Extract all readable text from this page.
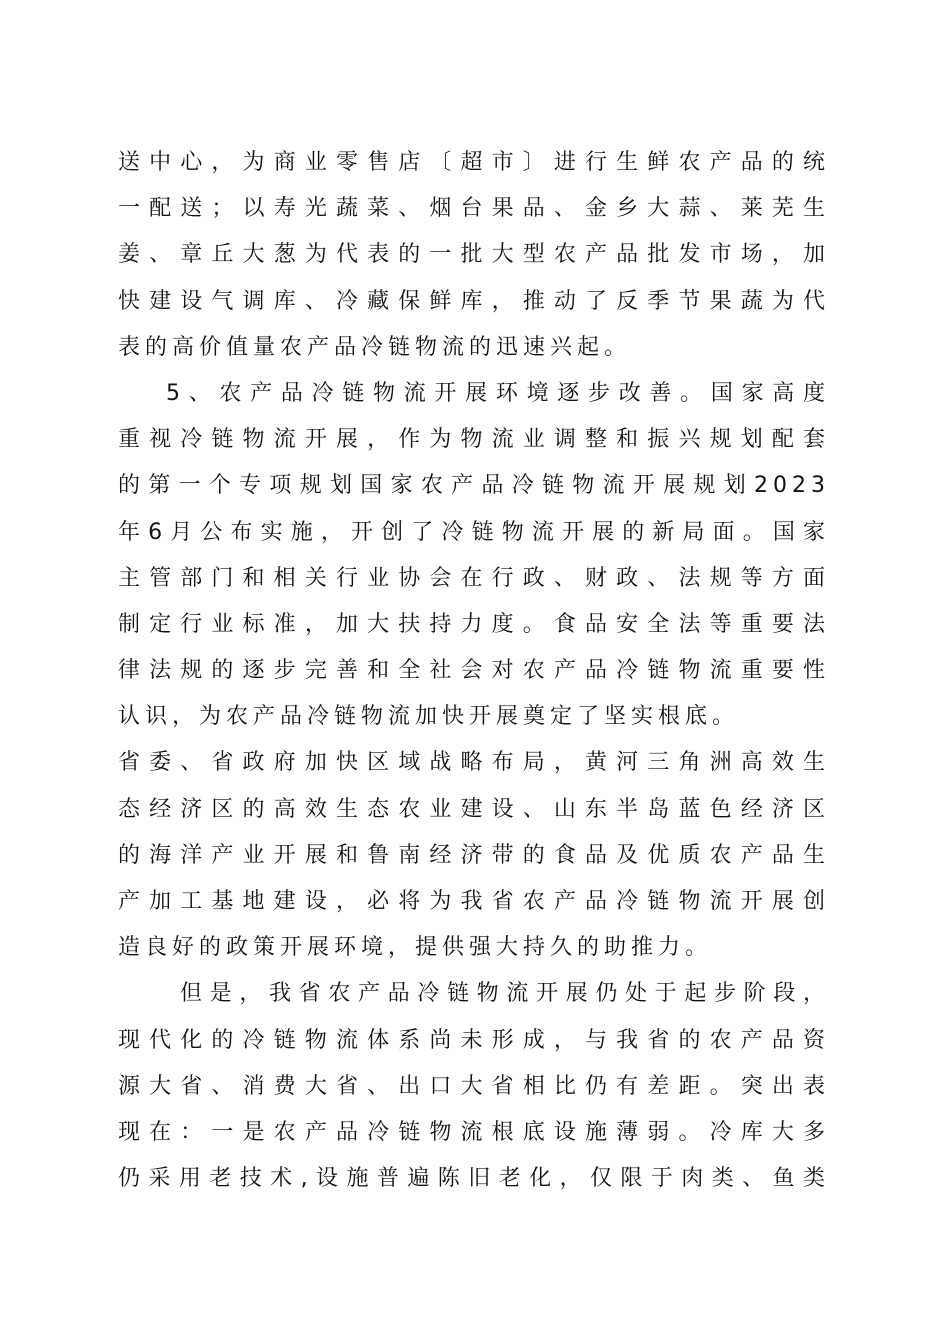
送中心，为商业零售店〔超市〕进行生鲜农产品的统
一配送；以寿光蔬菜、烟台果品、金乡大蒜、莱芜生
姜、章丘大葱为代表的一批大型农产品批发市场，加
快建设气调库、冷藏保鲜库，推动了反季节果蔬为代
表的高价值量农产品冷链物流的迅速兴起。
5、农产品冷链物流开展环境逐步改善。国家高度
重视冷链物流开展，作为物流业调整和振兴规划配套
的第一个专项规划国家农产品冷链物流开展规划2023
年6月公布实施，开创了冷链物流开展的新局面。国家
主管部门和相关行业协会在行政、财政、法规等方面
制定行业标准，加大扶持力度。食品安全法等重要法
律法规的逐步完善和全社会对农产品冷链物流重要性
认识，为农产品冷链物流加快开展奠定了坚实根底。
省委、省政府加快区域战略布局，黄河三角洲高效生
态经济区的高效生态农业建设、山东半岛蓝色经济区
的海洋产业开展和鲁南经济带的食品及优质农产品生
产加工基地建设，必将为我省农产品冷链物流开展创
造良好的政策开展环境，提供强大持久的助推力。
但是，我省农产品冷链物流开展仍处于起步阶段，
现代化的冷链物流体系尚未形成，与我省的农产品资
源大省、消费大省、出口大省相比仍有差距。突出表
现在：一是农产品冷链物流根底设施薄弱。冷库大多
仍采用老技术,设施普遍陈旧老化，仅限于肉类、鱼类
